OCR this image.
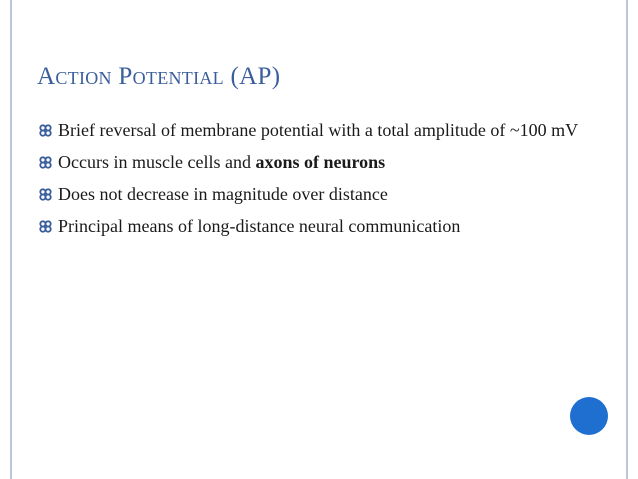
Action Potential (AP)
Brief reversal of membrane potential with a total amplitude of ~100 mV
Occurs in muscle cells and axons of neurons
Does not decrease in magnitude over distance
Principal means of long-distance neural communication
